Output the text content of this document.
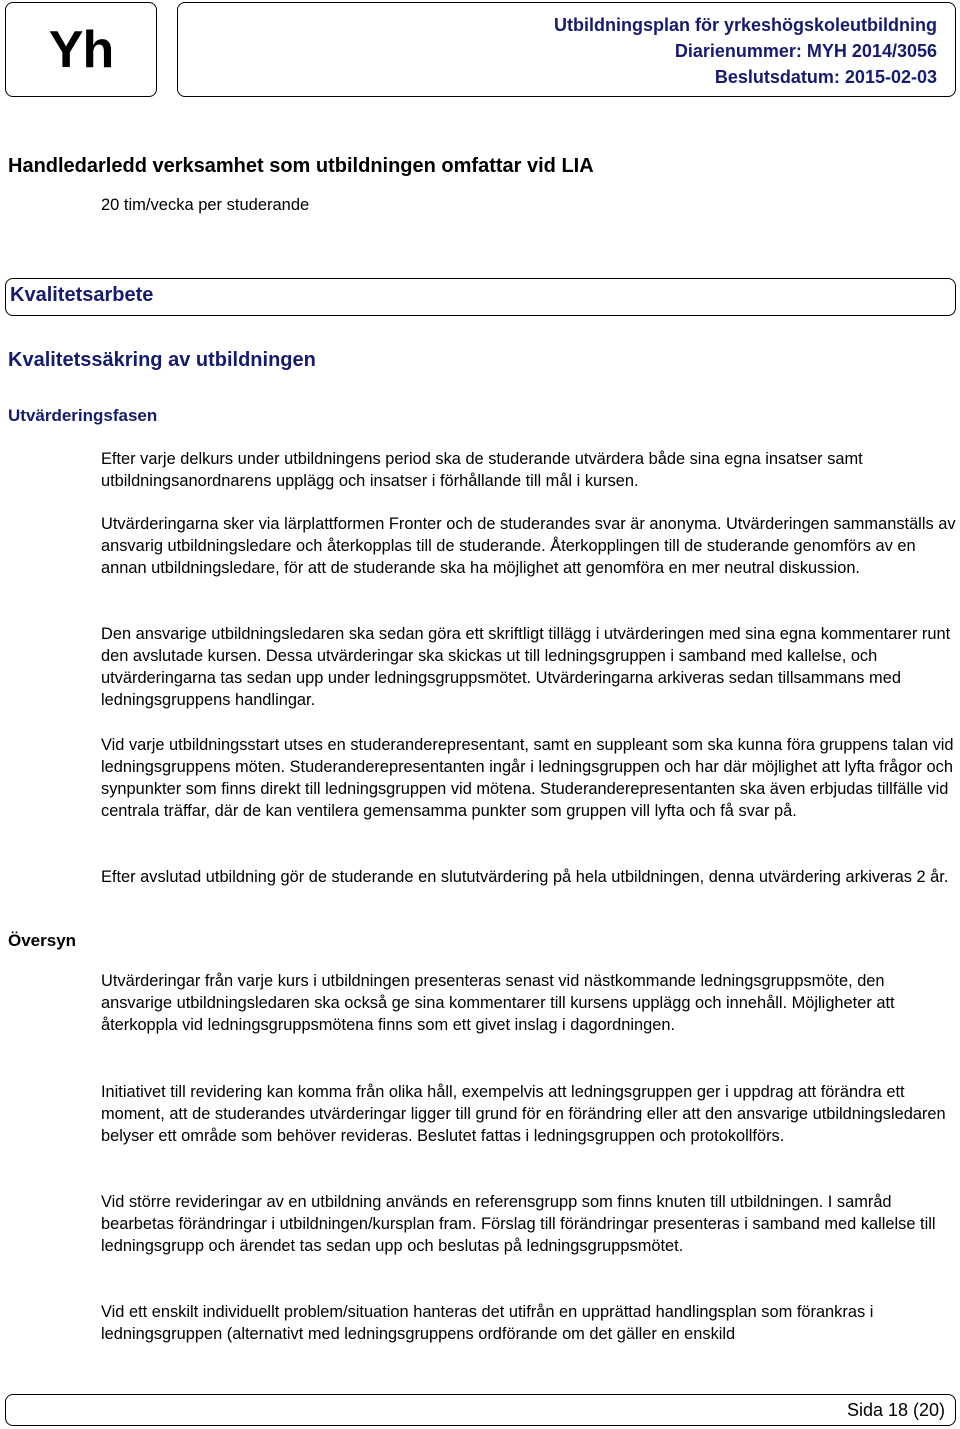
Yh	Utbildningsplan för yrkeshögskoleutbildning
Diarienummer: MYH 2014/3056
Beslutsdatum: 2015-02-03
Handledarledd verksamhet som utbildningen omfattar vid LIA
20 tim/vecka per studerande
Kvalitetsarbete
Kvalitetssäkring av utbildningen
Utvärderingsfasen
Översyn

Efter varje delkurs under utbildningens period ska de studerande utvärdera både sina egna insatser samt utbildningsanordnarens upplägg och insatser i förhållande till mål i kursen.

Utvärderingarna sker via lärplattformen Fronter och de studerandes svar är anonyma. Utvärderingen sammanställs av ansvarig utbildningsledare och återkopplas till de studerande. Återkopplingen till de studerande genomförs av en annan utbildningsledare, för att de studerande ska ha möjlighet att genomföra en mer neutral diskussion.

Den ansvarige utbildningsledaren ska sedan göra ett skriftligt tillägg i utvärderingen med sina egna kommentarer runt den avslutade kursen. Dessa utvärderingar ska skickas ut till ledningsgruppen i samband med kallelse, och utvärderingarna tas sedan upp under ledningsgruppsmötet. Utvärderingarna arkiveras sedan tillsammans med ledningsgruppens handlingar.

Vid varje utbildningsstart utses en studeranderepresentant, samt en suppleant som ska kunna föra gruppens talan vid ledningsgruppens möten. Studeranderepresentanten ingår i ledningsgruppen och har där möjlighet att lyfta frågor och synpunkter som finns direkt till ledningsgruppen vid mötena. Studeranderepresentanten ska även erbjudas tillfälle vid centrala träffar, där de kan ventilera gemensamma punkter som gruppen vill lyfta och få svar på.

Efter avslutad utbildning gör de studerande en slututvärdering på hela utbildningen, denna utvärdering arkiveras 2 år.

Utvärderingar från varje kurs i utbildningen presenteras senast vid nästkommande ledningsgruppsmöte, den ansvarige utbildningsledaren ska också ge sina kommentarer till kursens upplägg och innehåll. Möjligheter att återkoppla vid ledningsgruppsmötena finns som ett givet inslag i dagordningen.

Initiativet till revidering kan komma från olika håll, exempelvis att ledningsgruppen ger i uppdrag att förändra ett moment, att de studerandes utvärderingar ligger till grund för en förändring eller att den ansvarige utbildningsledaren belyser ett område som behöver revideras. Beslutet fattas i ledningsgruppen och protokollförs.

Vid större revideringar av en utbildning används en referensgrupp som finns knuten till utbildningen. I samråd bearbetas förändringar i utbildningen/kursplan fram. Förslag till förändringar presenteras i samband med kallelse till ledningsgrupp och ärendet tas sedan upp och beslutas på ledningsgruppsmötet.

Vid ett enskilt individuellt problem/situation hanteras det utifrån en upprättad handlingsplan som förankras i ledningsgruppen (alternativt med ledningsgruppens ordförande om det gäller en enskild

Sida 18 (20)
